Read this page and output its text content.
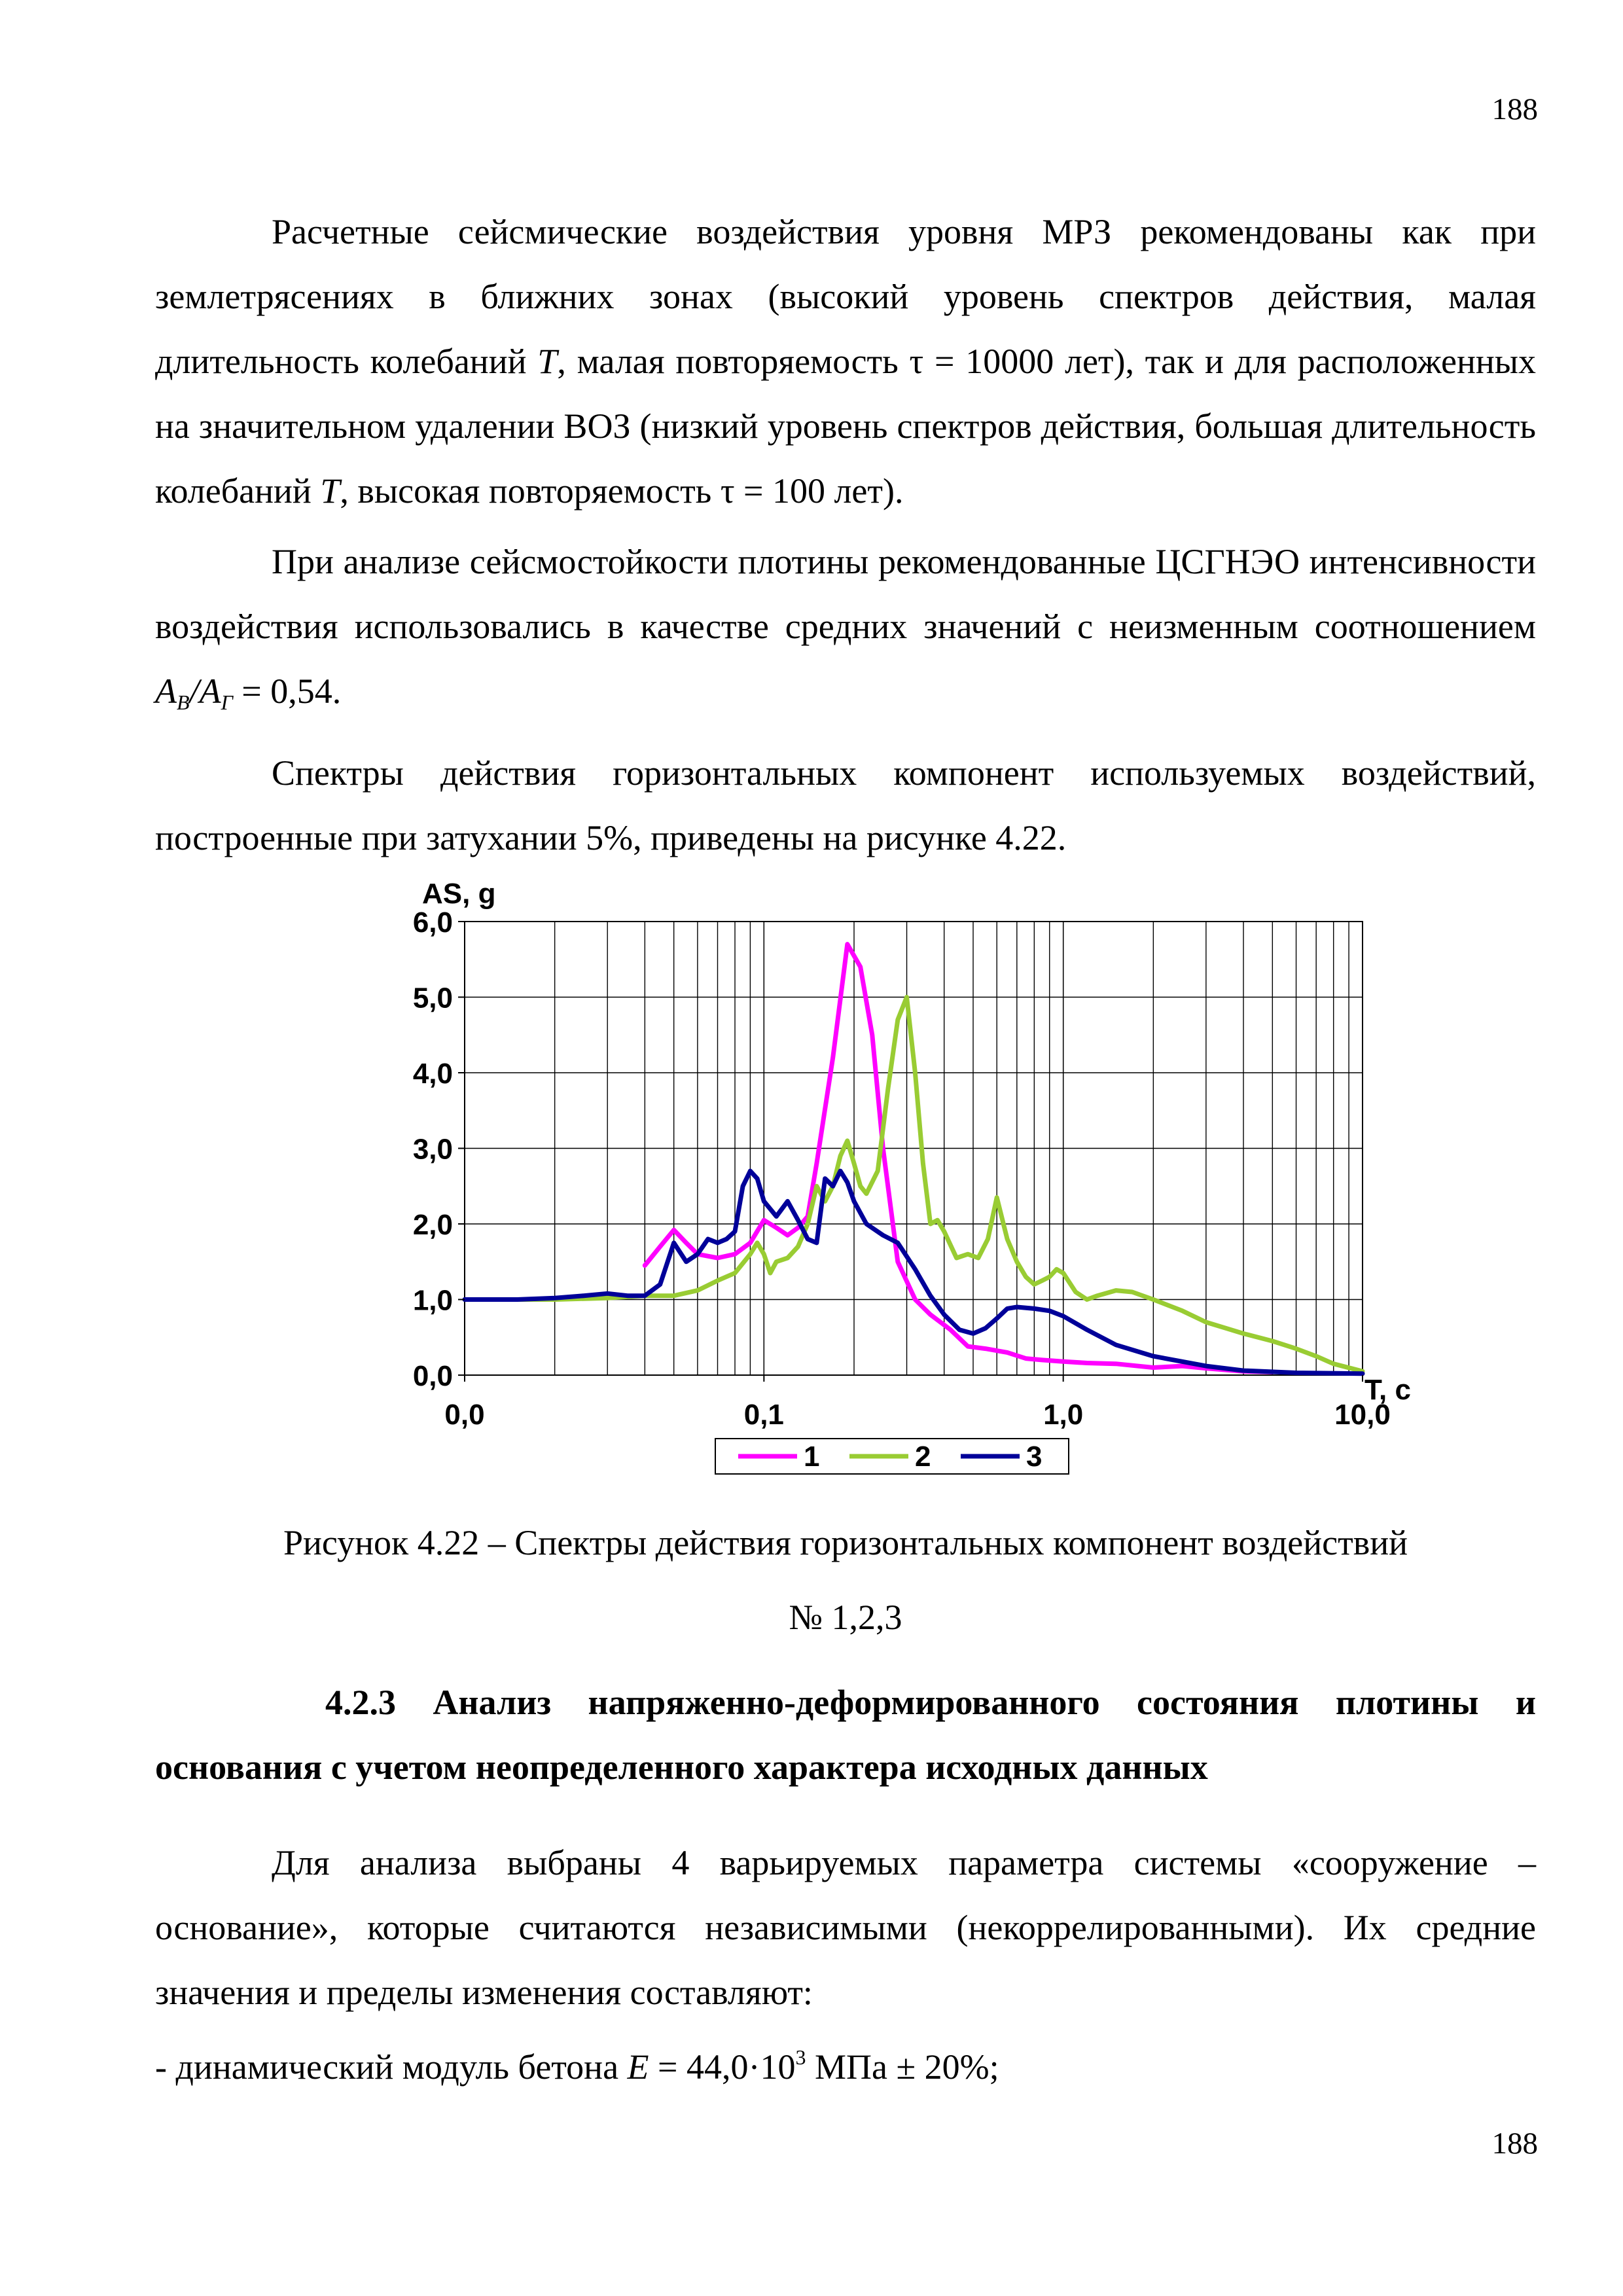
188

Расчетные сейсмические воздействия уровня МРЗ рекомендованы как при землетрясениях в ближних зонах (высокий уровень спектров действия, малая длительность колебаний T, малая повторяемость τ = 10000 лет), так и для расположенных на значительном удалении ВОЗ (низкий уровень спектров действия, большая длительность колебаний T, высокая повторяемость τ = 100 лет).

При анализе сейсмостойкости плотины рекомендованные ЦСГНЭО интенсивности воздействия использовались в качестве средних значений с неизменным соотношением $A_B/A_Г = 0,54$.

Спектры действия горизонтальных компонент используемых воздействий, построенные при затухании 5%, приведены на рисунке 4.22.

0,0
1,0
2,0
3,0
4,0
5,0
6,0
0,0	0,1	1,0	10,0
AS, g
T, c
1	2	3
Рисунок 4.22 – Спектры действия горизонтальных компонент воздействий
№ 1,2,3
4.2.3 Анализ напряженно-деформированного состояния плотины и
основания с учетом неопределенного характера исходных данных

Для анализа выбраны 4 варьируемых параметра системы «сооружение – основание», которые считаются независимыми (некоррелированными). Их средние значения и пределы изменения составляют:

- динамический модуль бетона $E = 44,0\cdot 10^3$ МПа ± 20%;

188
